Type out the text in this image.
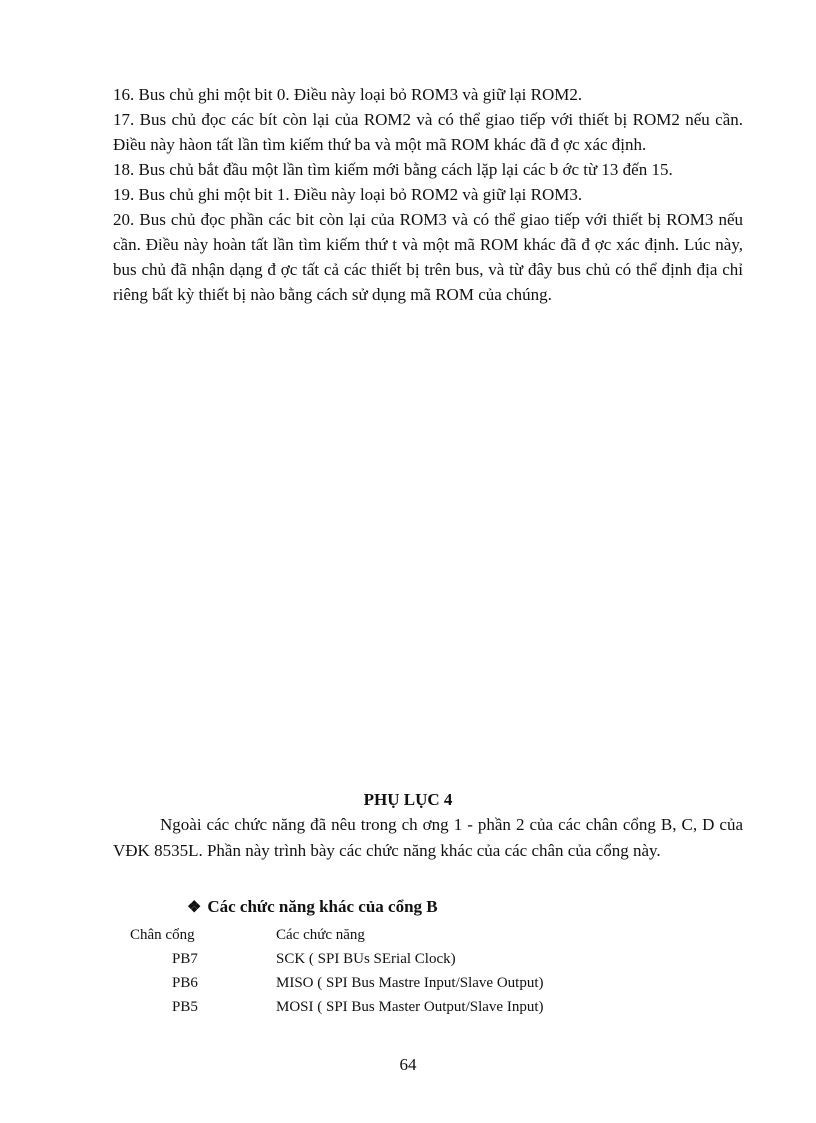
16. Bus chủ ghi một bit 0. Điều này loại bỏ ROM3 và giữ lại ROM2.

17. Bus chủ đọc các bít còn lại của ROM2 và có thể giao tiếp với thiết bị ROM2 nếu cần. Điều này hàon tất lần tìm kiếm thứ ba và một mã ROM khác đã đ ợc xác định.

18. Bus chủ bắt đầu một lần tìm kiếm mới bằng cách lặp lại các b ớc từ 13 đến 15.

19. Bus chủ ghi một bit 1. Điều này loại bỏ ROM2 và giữ lại ROM3.

20. Bus chủ đọc phần các bit còn lại của ROM3 và có thể giao tiếp với thiết bị ROM3 nếu cần. Điều này hoàn tất lần tìm kiếm thứ t và một mã ROM khác đã đ ợc xác định. Lúc này, bus chủ đã nhận dạng đ ợc tất cả các thiết bị trên bus, và từ đây bus chủ có thể định địa chỉ riêng bất kỳ thiết bị nào bằng cách sử dụng mã ROM của chúng.

PHỤ LỤC 4

Ngoài các chức năng đã nêu trong ch ơng 1 - phần 2 của các chân cổng B, C, D của VĐK 8535L. Phần này trình bày các chức năng khác của các chân của cổng này.

❖ Các chức năng khác của cổng B
Chân cổng	Các chức năng
PB7	SCK ( SPI BUs SErial Clock)
PB6	MISO ( SPI Bus Mastre Input/Slave Output)
PB5	MOSI ( SPI Bus Master Output/Slave Input)
64
